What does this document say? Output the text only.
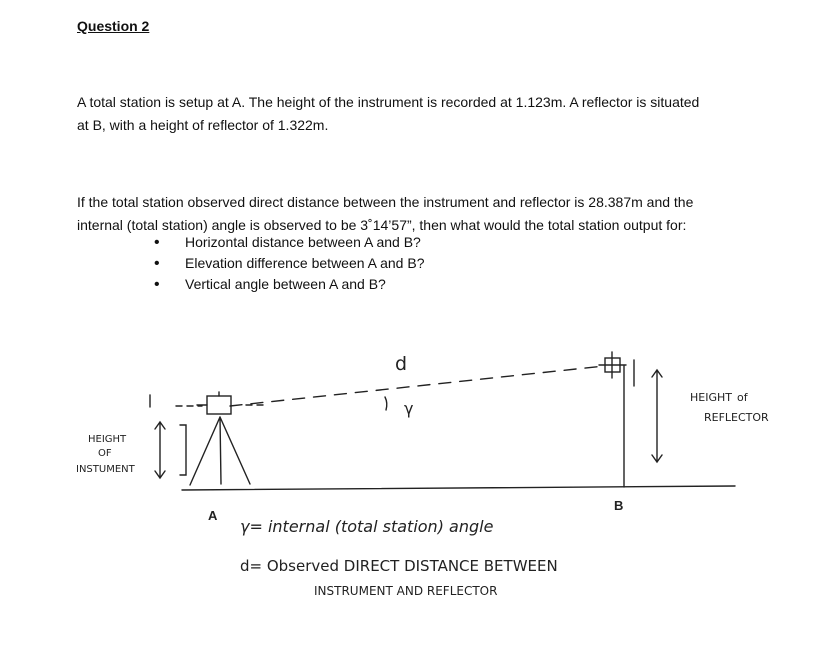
Question 2
A total station is setup at A. The height of the instrument is recorded at 1.123m. A reflector is situated
at B, with a height of reflector of 1.322m.
If the total station observed direct distance between the instrument and reflector is 28.387m and the
internal (total station) angle is observed to be 3˚14’57”, then what would the total station output for:
• Horizontal distance between A and B?
• Elevation difference between A and B?
• Vertical angle between A and B?
d
γ
HEIGHT
OF
INSTUMENT
HEIGHT of
REFLECTOR
A
B
γ= internal (total station) angle
d= Observed DIRECT DISTANCE BETWEEN
INSTRUMENT AND REFLECTOR
